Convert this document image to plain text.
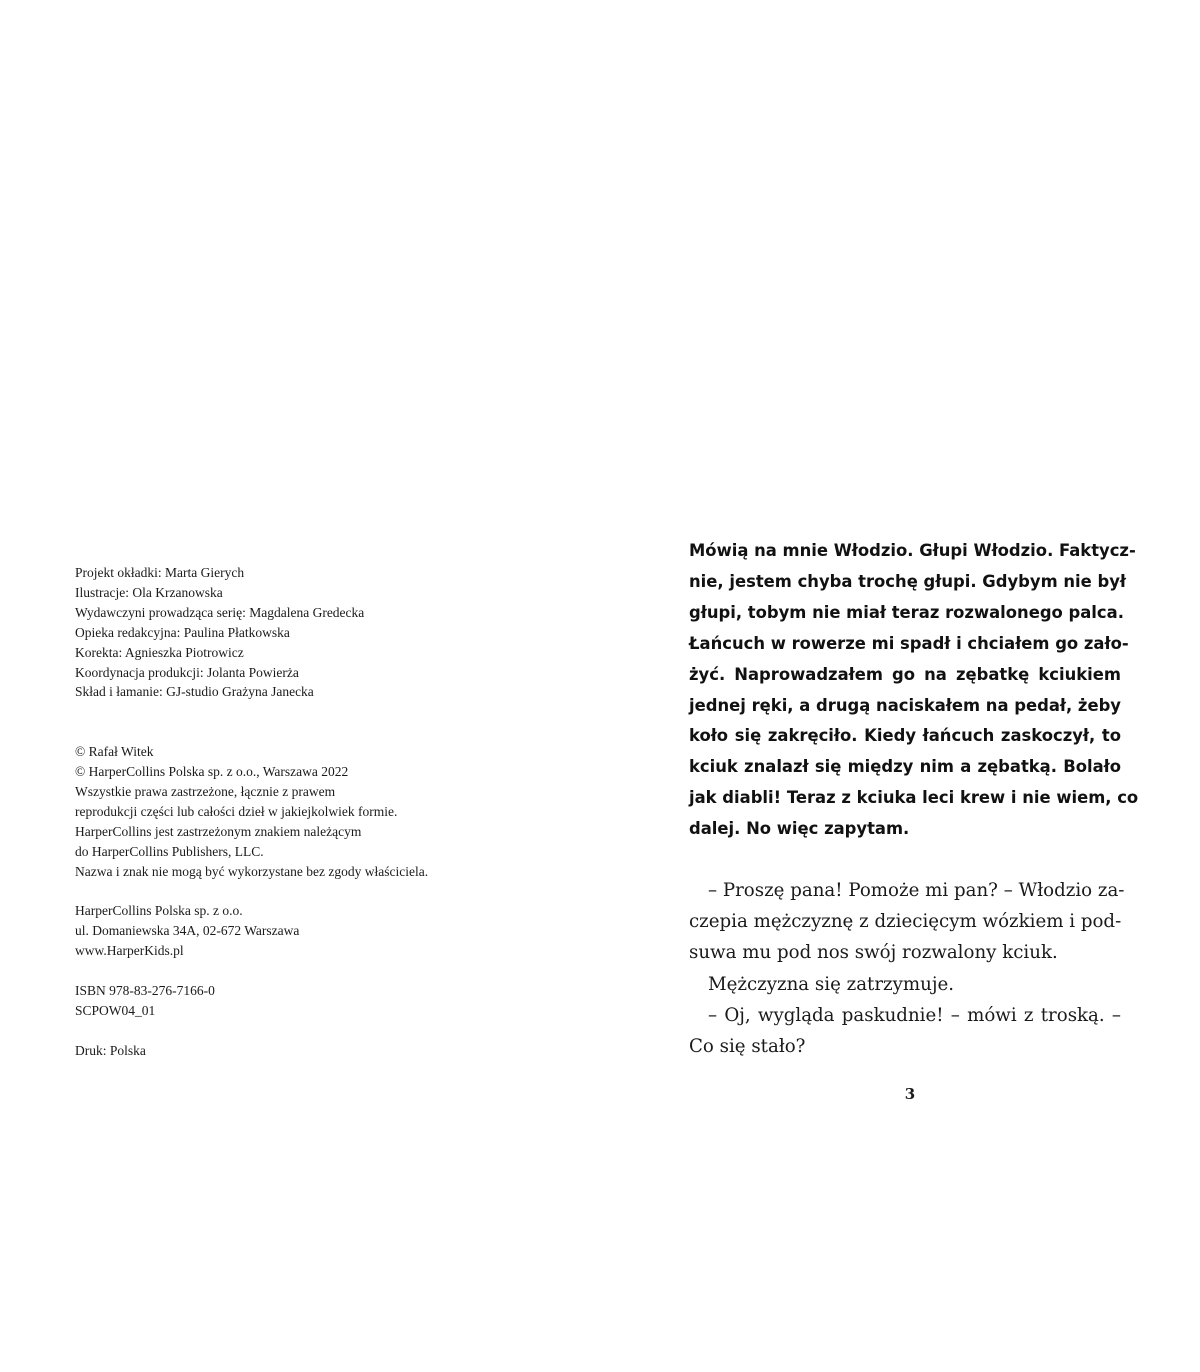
Projekt okładki: Marta Gierych
Ilustracje: Ola Krzanowska
Wydawczyni prowadząca serię: Magdalena Gredecka
Opieka redakcyjna: Paulina Płatkowska
Korekta: Agnieszka Piotrowicz
Koordynacja produkcji: Jolanta Powierża
Skład i łamanie: GJ-studio Grażyna Janecka
© Rafał Witek
© HarperCollins Polska sp. z o.o., Warszawa 2022
Wszystkie prawa zastrzeżone, łącznie z prawem
reprodukcji części lub całości dzieł w jakiejkolwiek formie.
HarperCollins jest zastrzeżonym znakiem należącym
do HarperCollins Publishers, LLC.
Nazwa i znak nie mogą być wykorzystane bez zgody właściciela.
HarperCollins Polska sp. z o.o.
ul. Domaniewska 34A, 02-672 Warszawa
www.HarperKids.pl
ISBN 978-83-276-7166-0
SCPOW04_01
Druk: Polska
Mówią na mnie Włodzio. Głupi Włodzio. Faktycz-
nie, jestem chyba trochę głupi. Gdybym nie był
głupi, tobym nie miał teraz rozwalonego palca.
Łańcuch w rowerze mi spadł i chciałem go zało-
żyć. Naprowadzałem go na zębatkę kciukiem
jednej ręki, a drugą naciskałem na pedał, żeby
koło się zakręciło. Kiedy łańcuch zaskoczył, to
kciuk znalazł się między nim a zębatką. Bolało
jak diabli! Teraz z kciuka leci krew i nie wiem, co
dalej. No więc zapytam.
– Proszę pana! Pomoże mi pan? – Włodzio za-
czepia mężczyznę z dziecięcym wózkiem i pod-
suwa mu pod nos swój rozwalony kciuk.
Mężczyzna się zatrzymuje.
– Oj, wygląda paskudnie! – mówi z troską. –
Co się stało?
3
